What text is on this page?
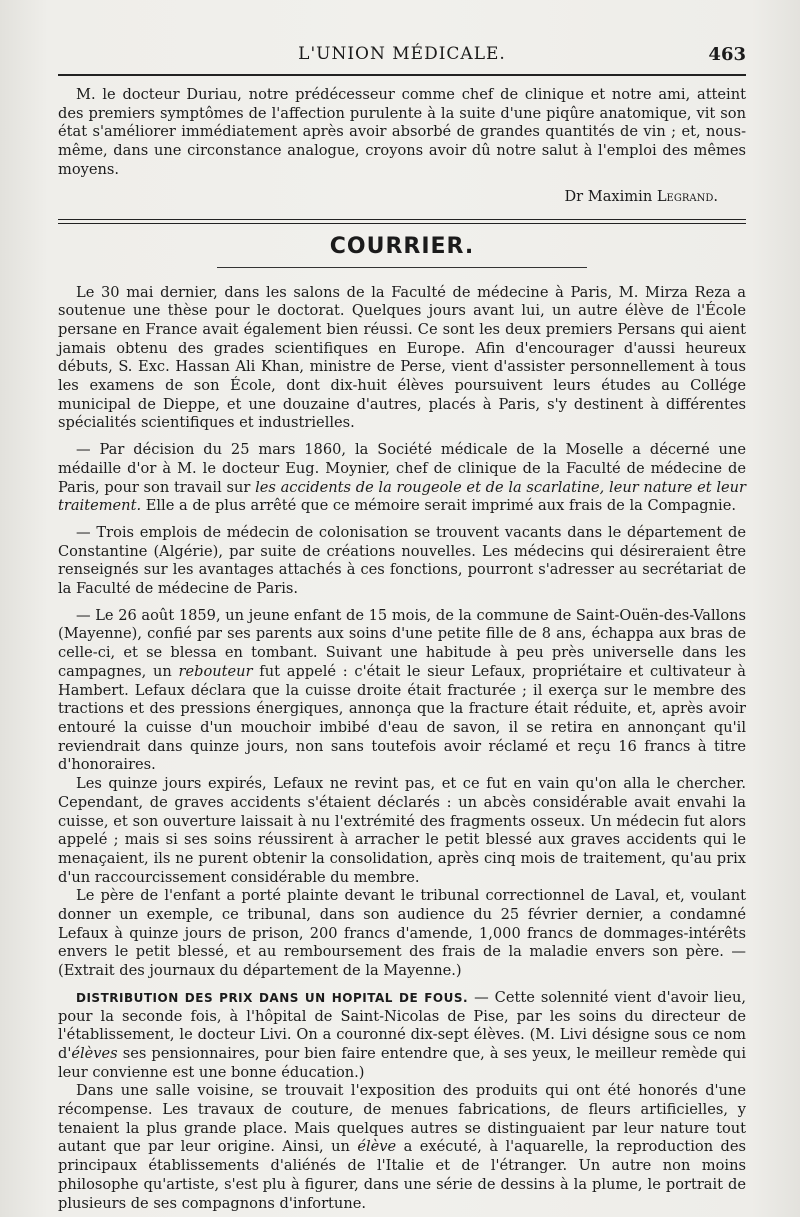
L'UNION MÉDICALE.	463

M. le docteur Duriau, notre prédécesseur comme chef de clinique et notre ami, atteint des premiers symptômes de l'affection purulente à la suite d'une piqûre anatomique, vit son état s'améliorer immédiatement après avoir absorbé de grandes quantités de vin ; et, nous-même, dans une circonstance analogue, croyons avoir dû notre salut à l'emploi des mêmes moyens.

Dr Maximin Legrand.
COURRIER.

Le 30 mai dernier, dans les salons de la Faculté de médecine à Paris, M. Mirza Reza a soutenue une thèse pour le doctorat. Quelques jours avant lui, un autre élève de l'École persane en France avait également bien réussi. Ce sont les deux premiers Persans qui aient jamais obtenu des grades scientifiques en Europe. Afin d'encourager d'aussi heureux débuts, S. Exc. Hassan Ali Khan, ministre de Perse, vient d'assister personnellement à tous les examens de son École, dont dix-huit élèves poursuivent leurs études au Collége municipal de Dieppe, et une douzaine d'autres, placés à Paris, s'y destinent à différentes spécialités scientifiques et industrielles.

— Par décision du 25 mars 1860, la Société médicale de la Moselle a décerné une médaille d'or à M. le docteur Eug. Moynier, chef de clinique de la Faculté de médecine de Paris, pour son travail sur les accidents de la rougeole et de la scarlatine, leur nature et leur traitement. Elle a de plus arrêté que ce mémoire serait imprimé aux frais de la Compagnie.

— Trois emplois de médecin de colonisation se trouvent vacants dans le département de Constantine (Algérie), par suite de créations nouvelles. Les médecins qui désireraient être renseignés sur les avantages attachés à ces fonctions, pourront s'adresser au secrétariat de la Faculté de médecine de Paris.

— Le 26 août 1859, un jeune enfant de 15 mois, de la commune de Saint-Ouën-des-Vallons (Mayenne), confié par ses parents aux soins d'une petite fille de 8 ans, échappa aux bras de celle-ci, et se blessa en tombant. Suivant une habitude à peu près universelle dans les campagnes, un rebouteur fut appelé : c'était le sieur Lefaux, propriétaire et cultivateur à Hambert. Lefaux déclara que la cuisse droite était fracturée ; il exerça sur le membre des tractions et des pressions énergiques, annonça que la fracture était réduite, et, après avoir entouré la cuisse d'un mouchoir imbibé d'eau de savon, il se retira en annonçant qu'il reviendrait dans quinze jours, non sans toutefois avoir réclamé et reçu 16 francs à titre d'honoraires.

Les quinze jours expirés, Lefaux ne revint pas, et ce fut en vain qu'on alla le chercher. Cependant, de graves accidents s'étaient déclarés : un abcès considérable avait envahi la cuisse, et son ouverture laissait à nu l'extrémité des fragments osseux. Un médecin fut alors appelé ; mais si ses soins réussirent à arracher le petit blessé aux graves accidents qui le menaçaient, ils ne purent obtenir la consolidation, après cinq mois de traitement, qu'au prix d'un raccourcissement considérable du membre.

Le père de l'enfant a porté plainte devant le tribunal correctionnel de Laval, et, voulant donner un exemple, ce tribunal, dans son audience du 25 février dernier, a condamné Lefaux à quinze jours de prison, 200 francs d'amende, 1,000 francs de dommages-intérêts envers le petit blessé, et au remboursement des frais de la maladie envers son père. — (Extrait des journaux du département de la Mayenne.)

DISTRIBUTION DES PRIX DANS UN HOPITAL DE FOUS. — Cette solennité vient d'avoir lieu, pour la seconde fois, à l'hôpital de Saint-Nicolas de Pise, par les soins du directeur de l'établissement, le docteur Livi. On a couronné dix-sept élèves. (M. Livi désigne sous ce nom d'élèves ses pensionnaires, pour bien faire entendre que, à ses yeux, le meilleur remède qui leur convienne est une bonne éducation.)

Dans une salle voisine, se trouvait l'exposition des produits qui ont été honorés d'une récompense. Les travaux de couture, de menues fabrications, de fleurs artificielles, y tenaient la plus grande place. Mais quelques autres se distinguaient par leur nature tout autant que par leur origine. Ainsi, un élève a exécuté, à l'aquarelle, la reproduction des principaux établissements d'aliénés de l'Italie et de l'étranger. Un autre non moins philosophe qu'artiste, s'est plu à figurer, dans une série de dessins à la plume, le portrait de plusieurs de ses compagnons d'infortune.
